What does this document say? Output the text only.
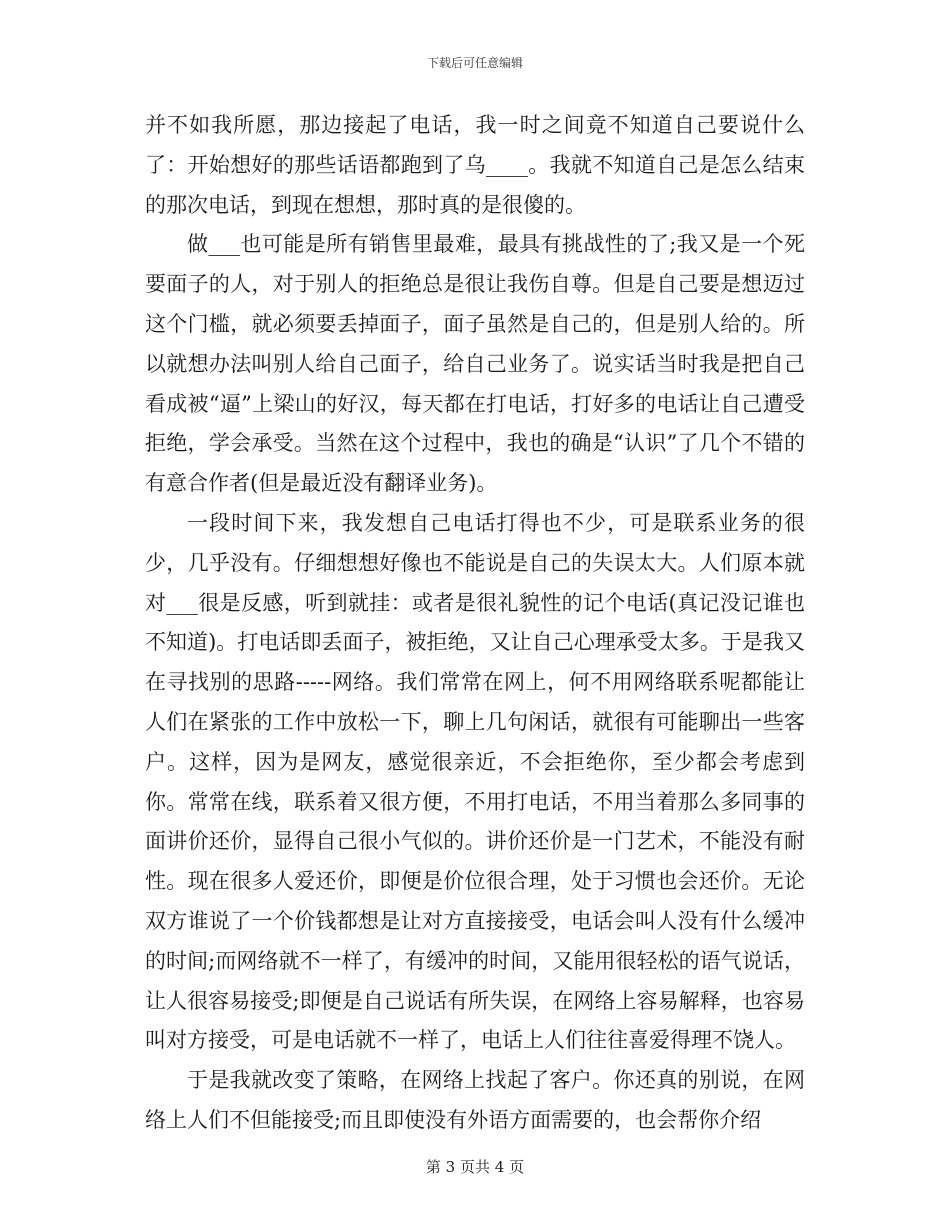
下载后可任意编辑

并不如我所愿，那边接起了电话，我一时之间竟不知道自己要说什么了：开始想好的那些话语都跑到了乌____。我就不知道自己是怎么结束的那次电话，到现在想想，那时真的是很傻的。

做___也可能是所有销售里最难，最具有挑战性的了;我又是一个死要面子的人，对于别人的拒绝总是很让我伤自尊。但是自己要是想迈过这个门槛，就必须要丢掉面子，面子虽然是自己的，但是别人给的。所以就想办法叫别人给自己面子，给自己业务了。说实话当时我是把自己看成被“逼”上梁山的好汉，每天都在打电话，打好多的电话让自己遭受拒绝，学会承受。当然在这个过程中，我也的确是“认识”了几个不错的有意合作者(但是最近没有翻译业务)。

一段时间下来，我发想自己电话打得也不少，可是联系业务的很少，几乎没有。仔细想想好像也不能说是自己的失误太大。人们原本就对___很是反感，听到就挂：或者是很礼貌性的记个电话(真记没记谁也不知道)。打电话即丢面子，被拒绝，又让自己心理承受太多。于是我又在寻找别的思路-----网络。我们常常在网上，何不用网络联系呢都能让人们在紧张的工作中放松一下，聊上几句闲话，就很有可能聊出一些客户。这样，因为是网友，感觉很亲近，不会拒绝你，至少都会考虑到你。常常在线，联系着又很方便，不用打电话，不用当着那么多同事的面讲价还价，显得自己很小气似的。讲价还价是一门艺术，不能没有耐性。现在很多人爱还价，即便是价位很合理，处于习惯也会还价。无论双方谁说了一个价钱都想是让对方直接接受，电话会叫人没有什么缓冲的时间;而网络就不一样了，有缓冲的时间，又能用很轻松的语气说话，让人很容易接受;即便是自己说话有所失误，在网络上容易解释，也容易叫对方接受，可是电话就不一样了，电话上人们往往喜爱得理不饶人。

于是我就改变了策略，在网络上找起了客户。你还真的别说，在网络上人们不但能接受;而且即使没有外语方面需要的，也会帮你介绍

第 3 页共 4 页
